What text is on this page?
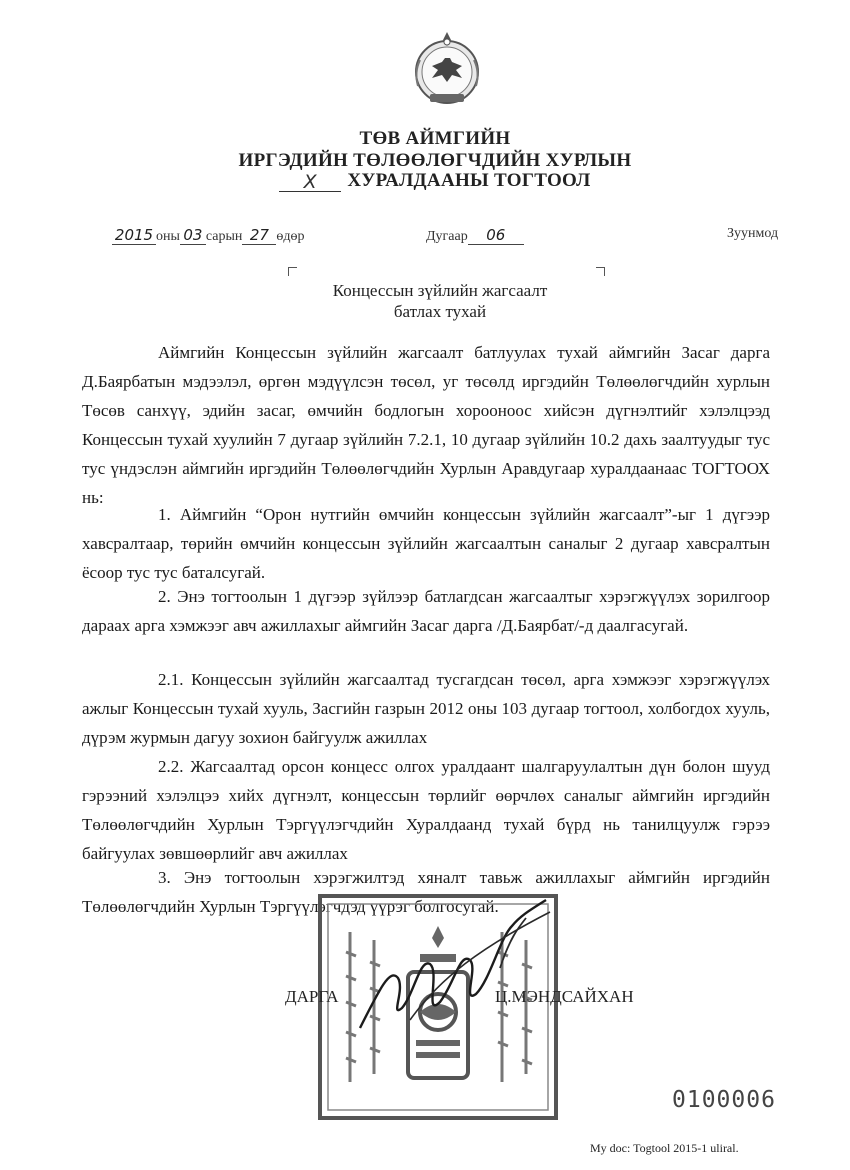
ТӨВ АЙМГИЙН
ИРГЭДИЙН ТӨЛӨӨЛӨГЧДИЙН ХУРЛЫН
X ХУРАЛДААНЫ ТОГТООЛ
2015 оны 03 сарын 27 өдөр	Дугаар 06	Зуунмод
Концессын зүйлийн жагсаалт
батлах тухай
Аймгийн Концессын зүйлийн жагсаалт батлуулах тухай аймгийн Засаг дарга Д.Баярбатын мэдээлэл, өргөн мэдүүлсэн төсөл, уг төсөлд иргэдийн Төлөөлөгчдийн хурлын Төсөв санхүү, эдийн засаг, өмчийн бодлогын хорооноос хийсэн дүгнэлтийг хэлэлцээд Концессын тухай хуулийн 7 дугаар зүйлийн 7.2.1, 10 дугаар зүйлийн 10.2 дахь заалтуудыг тус тус үндэслэн аймгийн иргэдийн Төлөөлөгчдийн Хурлын Аравдугаар хуралдаанаас ТОГТООХ нь:
1. Аймгийн “Орон нутгийн өмчийн концессын зүйлийн жагсаалт”-ыг 1 дүгээр хавсралтаар, төрийн өмчийн концессын зүйлийн жагсаалтын саналыг 2 дугаар хавсралтын ёсоор тус тус баталсугай.
2. Энэ тогтоолын 1 дүгээр зүйлээр батлагдсан жагсаалтыг хэрэгжүүлэх зорилгоор дараах арга хэмжээг авч ажиллахыг аймгийн Засаг дарга /Д.Баярбат/-д даалгасугай.
2.1. Концессын зүйлийн жагсаалтад тусгагдсан төсөл, арга хэмжээг хэрэгжүүлэх ажлыг Концессын тухай хууль, Засгийн газрын 2012 оны 103 дугаар тогтоол, холбогдох хууль, дүрэм журмын дагуу зохион байгуулж ажиллах
2.2. Жагсаалтад орсон концесс олгох уралдаант шалгаруулалтын дүн болон шууд гэрээний хэлэлцээ хийх дүгнэлт, концессын төрлийг өөрчлөх саналыг аймгийн иргэдийн Төлөөлөгчдийн Хурлын Тэргүүлэгчдийн Хуралдаанд тухай бүрд нь танилцуулж гэрээ байгуулах зөвшөөрлийг авч ажиллах
3. Энэ тогтоолын хэрэгжилтэд хяналт тавьж ажиллахыг аймгийн иргэдийн Төлөөлөгчдийн Хурлын Тэргүүлэгчдэд үүрэг болгосугай.
ДАРГА	Ц.МЭНДСАЙХАН
0100006
My doc: Togtool 2015-1 ulirаl.
